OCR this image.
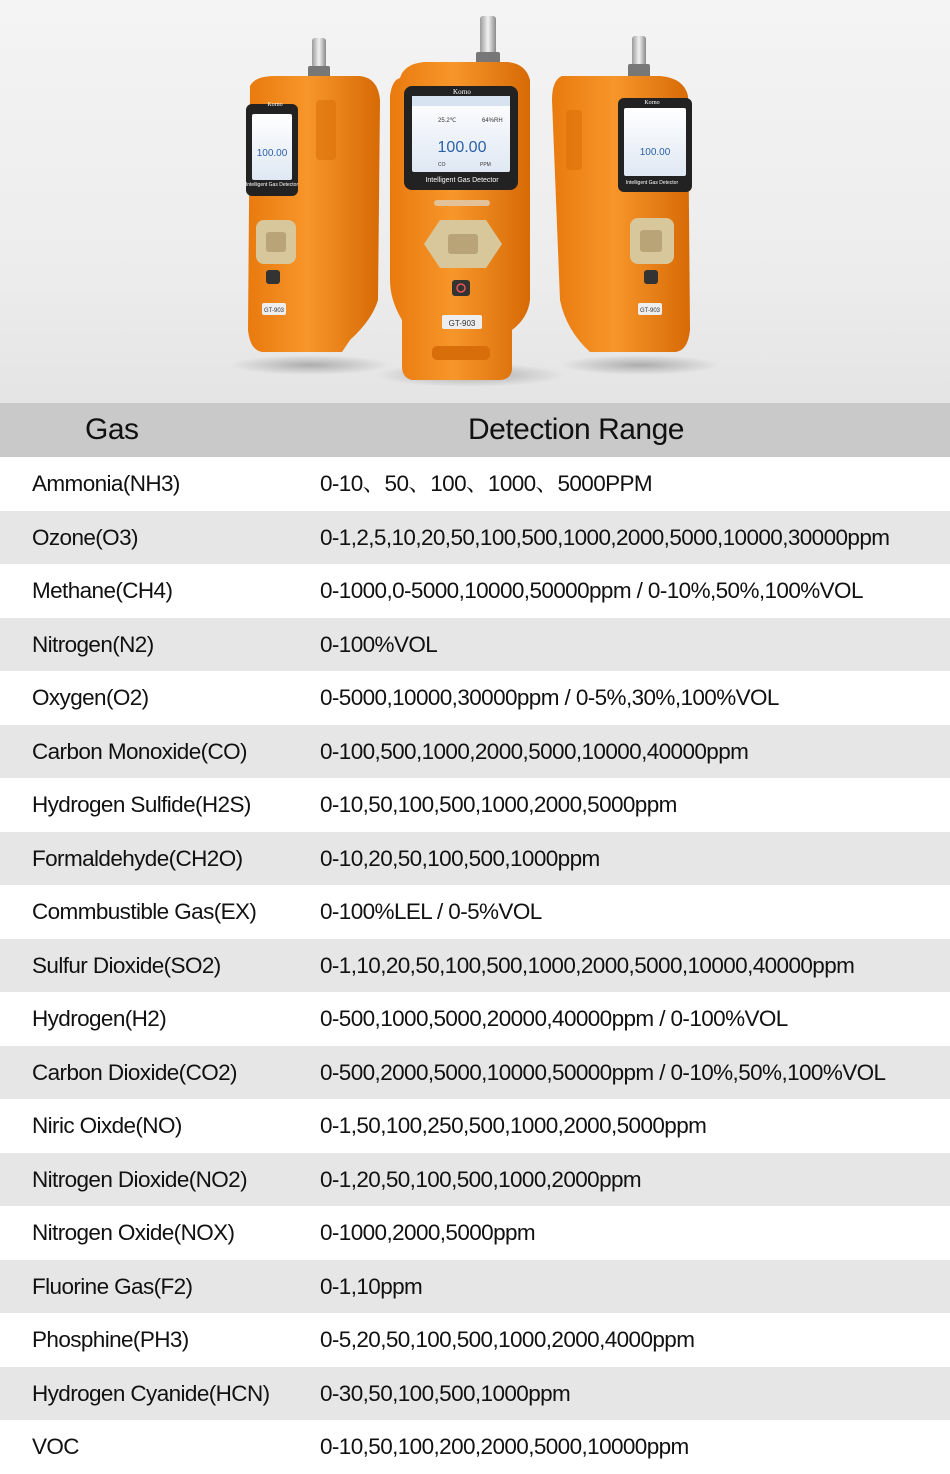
100.00
Intelligent Gas Detector
Korno
GT-903
100.00
Intelligent Gas Detector
Korno
GT-903
25.2℃	64%RH
100.00
CO	PPM
Intelligent Gas Detector
Korno
GT-903
Gas	Detection Range
Ammonia(NH3)	0-10、50、100、1000、5000PPM
Ozone(O3)	0-1,2,5,10,20,50,100,500,1000,2000,5000,10000,30000ppm
Methane(CH4)	0-1000,0-5000,10000,50000ppm / 0-10%,50%,100%VOL
Nitrogen(N2)	0-100%VOL
Oxygen(O2)	0-5000,10000,30000ppm / 0-5%,30%,100%VOL
Carbon Monoxide(CO)	0-100,500,1000,2000,5000,10000,40000ppm
Hydrogen Sulfide(H2S)	0-10,50,100,500,1000,2000,5000ppm
Formaldehyde(CH2O)	0-10,20,50,100,500,1000ppm
Commbustible Gas(EX)	0-100%LEL / 0-5%VOL
Sulfur Dioxide(SO2)	0-1,10,20,50,100,500,1000,2000,5000,10000,40000ppm
Hydrogen(H2)	0-500,1000,5000,20000,40000ppm / 0-100%VOL
Carbon Dioxide(CO2)	0-500,2000,5000,10000,50000ppm / 0-10%,50%,100%VOL
Niric Oixde(NO)	0-1,50,100,250,500,1000,2000,5000ppm
Nitrogen Dioxide(NO2)	0-1,20,50,100,500,1000,2000ppm
Nitrogen Oxide(NOX)	0-1000,2000,5000ppm
Fluorine Gas(F2)	0-1,10ppm
Phosphine(PH3)	0-5,20,50,100,500,1000,2000,4000ppm
Hydrogen Cyanide(HCN) 0-30,50,100,500,1000ppm
VOC	0-10,50,100,200,2000,5000,10000ppm
